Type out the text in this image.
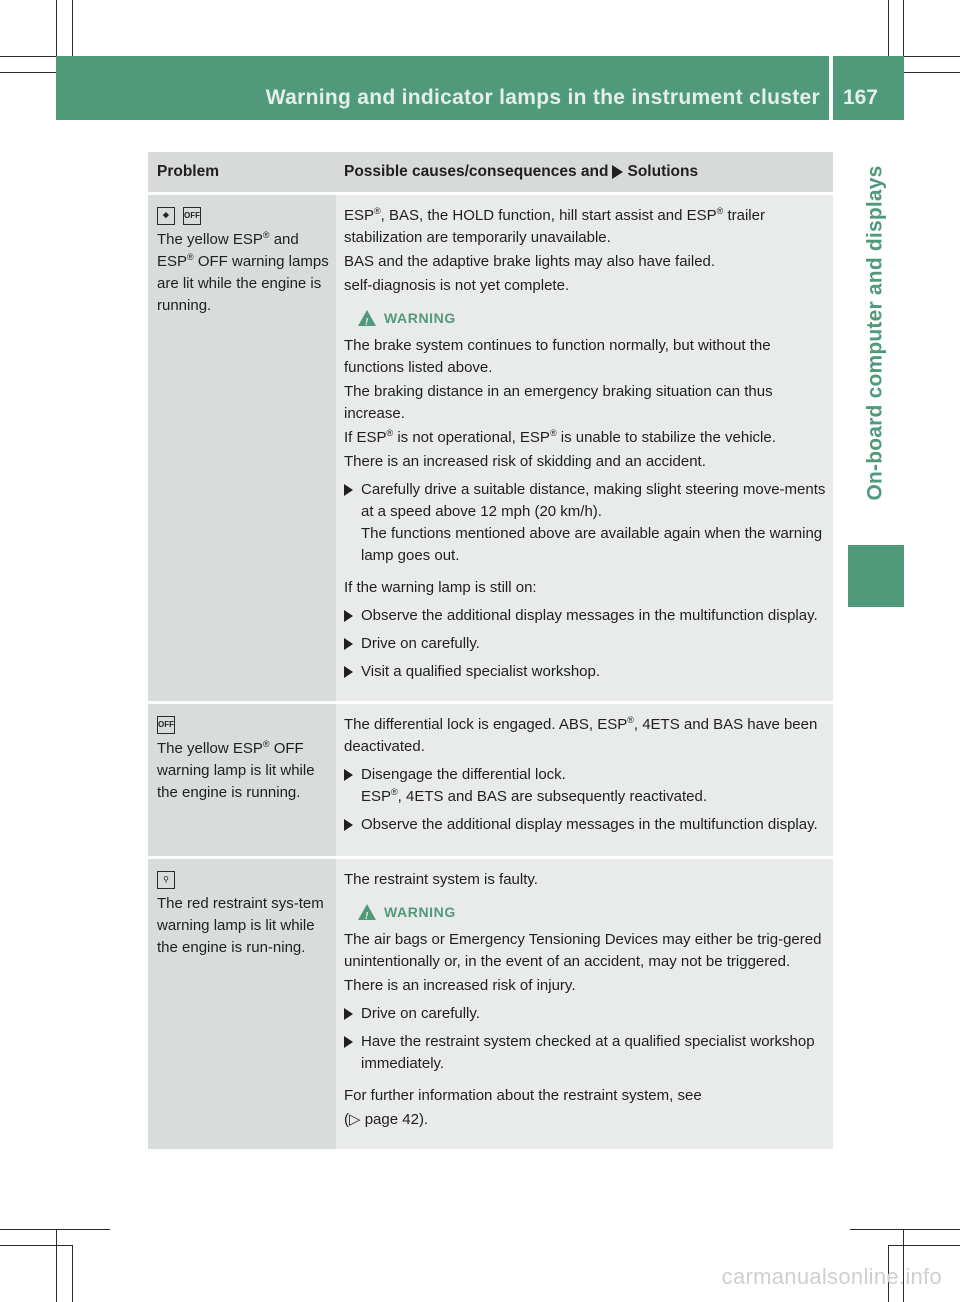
Warning and indicator lamps in the instrument cluster 167
On-board computer and displays
Problem	Possible causes/consequences and Solutions
⛖	OFF
The yellow ESP® and ESP® OFF warning lamps are lit while the engine is running.
ESP®, BAS, the HOLD function, hill start assist and ESP® trailer stabilization are temporarily unavailable.
BAS and the adaptive brake lights may also have failed.
self-diagnosis is not yet complete.
!
WARNING
The brake system continues to function normally, but without the functions listed above.
The braking distance in an emergency braking situation can thus increase.
If ESP® is not operational, ESP® is unable to stabilize the vehicle.
There is an increased risk of skidding and an accident.
Carefully drive a suitable distance, making slight steering move-ments at a speed above 12 mph (20 km/h).
The functions mentioned above are available again when the warning lamp goes out.
If the warning lamp is still on:
Observe the additional display messages in the multifunction display.
Drive on carefully.
Visit a qualified specialist workshop.
OFF
The yellow ESP® OFF warning lamp is lit while the engine is running.
The differential lock is engaged. ABS, ESP®, 4ETS and BAS have been deactivated.
Disengage the differential lock.
ESP®, 4ETS and BAS are subsequently reactivated.
Observe the additional display messages in the multifunction display.
⚲
The red restraint sys-tem warning lamp is lit while the engine is run-ning.
The restraint system is faulty.
!
WARNING
The air bags or Emergency Tensioning Devices may either be trig-gered unintentionally or, in the event of an accident, may not be triggered.
There is an increased risk of injury.
Drive on carefully.
Have the restraint system checked at a qualified specialist workshop immediately.
For further information about the restraint system, see
(▷ page 42).
carmanualsonline.info
